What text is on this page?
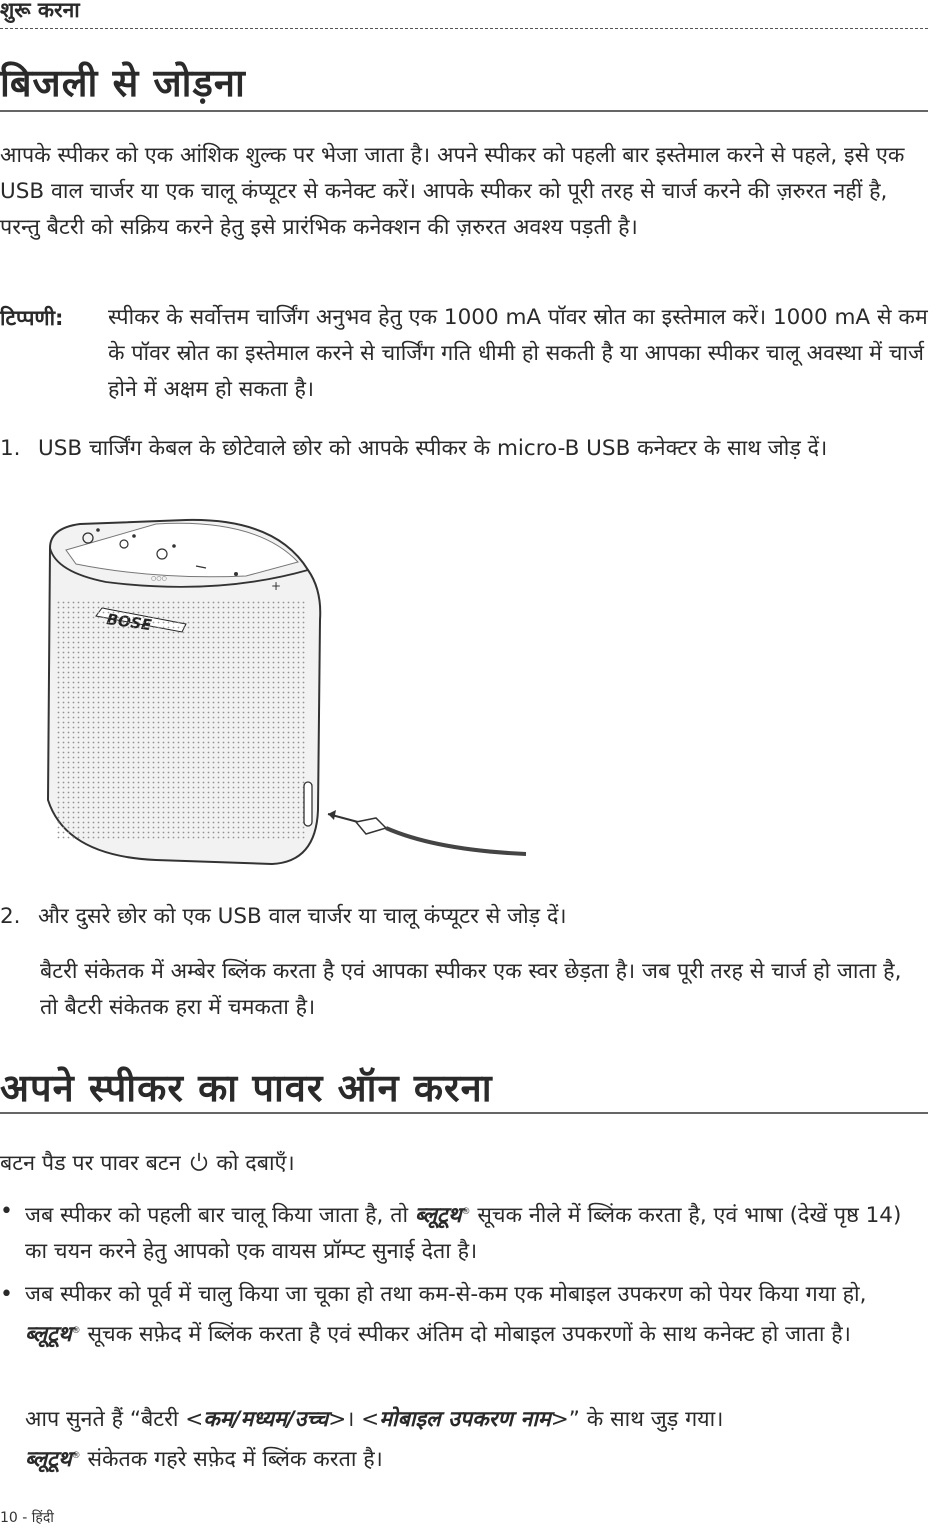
शुरू करना
बिजली से जोड़ना

आपके स्पीकर को एक आंशिक शुल्क पर भेजा जाता है। अपने स्पीकर को पहली बार इस्तेमाल करने से पहले, इसे एक USB वाल चार्जर या एक चालू कंप्यूटर से कनेक्ट करें। आपके स्पीकर को पूरी तरह से चार्ज करने की ज़रुरत नहीं है, परन्तु बैटरी को सक्रिय करने हेतु इसे प्रारंभिक कनेक्शन की ज़रुरत अवश्य पड़ती है।

टिप्पणी: स्पीकर के सर्वोत्तम चार्जिंग अनुभव हेतु एक 1000 mA पॉवर स्रोत का इस्तेमाल करें। 1000 mA से कम के पॉवर स्रोत का इस्तेमाल करने से चार्जिंग गति धीमी हो सकती है या आपका स्पीकर चालू अवस्था में चार्ज होने में अक्षम हो सकता है।

1. USB चार्जिंग केबल के छोटेवाले छोर को आपके स्पीकर के micro-B USB कनेक्टर के साथ जोड़ दें।

+
○○○
2. और दुसरे छोर को एक USB वाल चार्जर या चालू कंप्यूटर से जोड़ दें।

बैटरी संकेतक में अम्बेर ब्लिंक करता है एवं आपका स्पीकर एक स्वर छेड़ता है। जब पूरी तरह से चार्ज हो जाता है, तो बैटरी संकेतक हरा में चमकता है।

अपने स्पीकर का पावर ऑन करना

बटन पैड पर पावर बटन को दबाएँ।

• जब स्पीकर को पहली बार चालू किया जाता है, तो ब्लूटूथ® सूचक नीले में ब्लिंक करता है, एवं भाषा (देखें पृष्ठ 14) का चयन करने हेतु आपको एक वायस प्रॉम्प्ट सुनाई देता है।

• जब स्पीकर को पूर्व में चालु किया जा चूका हो तथा कम-से-कम एक मोबाइल उपकरण को पेयर किया गया हो, ब्लूटूथ® सूचक सफ़ेद में ब्लिंक करता है एवं स्पीकर अंतिम दो मोबाइल उपकरणों के साथ कनेक्ट हो जाता है।

आप सुनते हैं “बैटरी <कम/मध्यम/उच्च>। <मोबाइल उपकरण नाम>” के साथ जुड़ गया।
ब्लूटूथ® संकेतक गहरे सफ़ेद में ब्लिंक करता है।

10 - हिंदी
